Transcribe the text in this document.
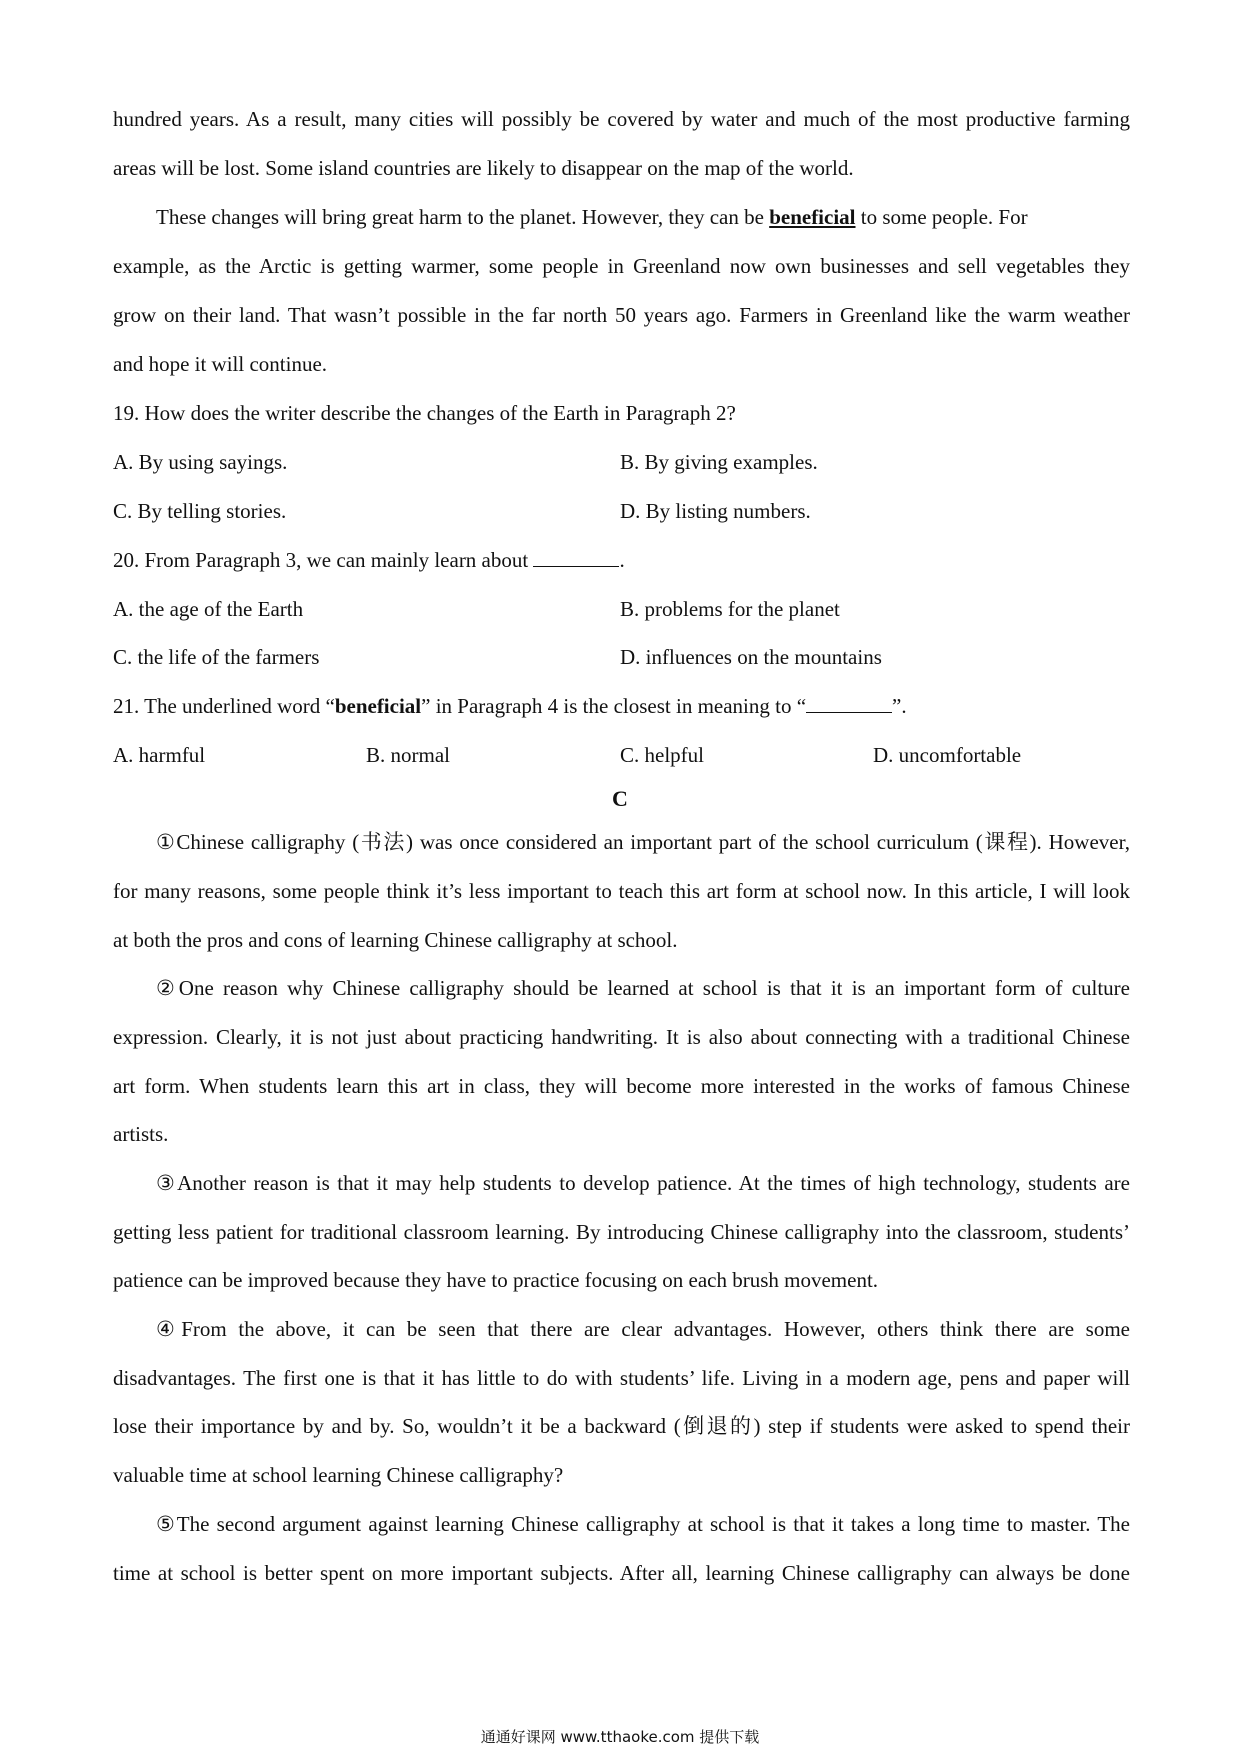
hundred years. As a result, many cities will possibly be covered by water and much of the most productive farming
areas will be lost. Some island countries are likely to disappear on the map of the world.
These changes will bring great harm to the planet. However, they can be beneficial to some people. For
example, as the Arctic is getting warmer, some people in Greenland now own businesses and sell vegetables they
grow on their land. That wasn’t possible in the far north 50 years ago. Farmers in Greenland like the warm weather
and hope it will continue.
19. How does the writer describe the changes of the Earth in Paragraph 2?
A. By using sayings.	B. By giving examples.
C. By telling stories.	D. By listing numbers.
20. From Paragraph 3, we can mainly learn about	.
A. the age of the Earth	B. problems for the planet
C. the life of the farmers	D. influences on the mountains
21. The underlined word “beneficial” in Paragraph 4 is the closest in meaning to “	”.
A. harmful	B. normal	C. helpful	D. uncomfortable
C
①Chinese calligraphy (书法) was once considered an important part of the school curriculum (课程). However,
for many reasons, some people think it’s less important to teach this art form at school now. In this article, I will look
at both the pros and cons of learning Chinese calligraphy at school.
②One reason why Chinese calligraphy should be learned at school is that it is an important form of culture
expression. Clearly, it is not just about practicing handwriting. It is also about connecting with a traditional Chinese
art form. When students learn this art in class, they will become more interested in the works of famous Chinese
artists.
③Another reason is that it may help students to develop patience. At the times of high technology, students are
getting less patient for traditional classroom learning. By introducing Chinese calligraphy into the classroom, students’
patience can be improved because they have to practice focusing on each brush movement.
④From the above, it can be seen that there are clear advantages. However, others think there are some
disadvantages. The first one is that it has little to do with students’ life. Living in a modern age, pens and paper will
lose their importance by and by. So, wouldn’t it be a backward (倒退的) step if students were asked to spend their
valuable time at school learning Chinese calligraphy?
⑤The second argument against learning Chinese calligraphy at school is that it takes a long time to master. The
time at school is better spent on more important subjects. After all, learning Chinese calligraphy can always be done
通通好课网 www.tthaoke.com 提供下载
